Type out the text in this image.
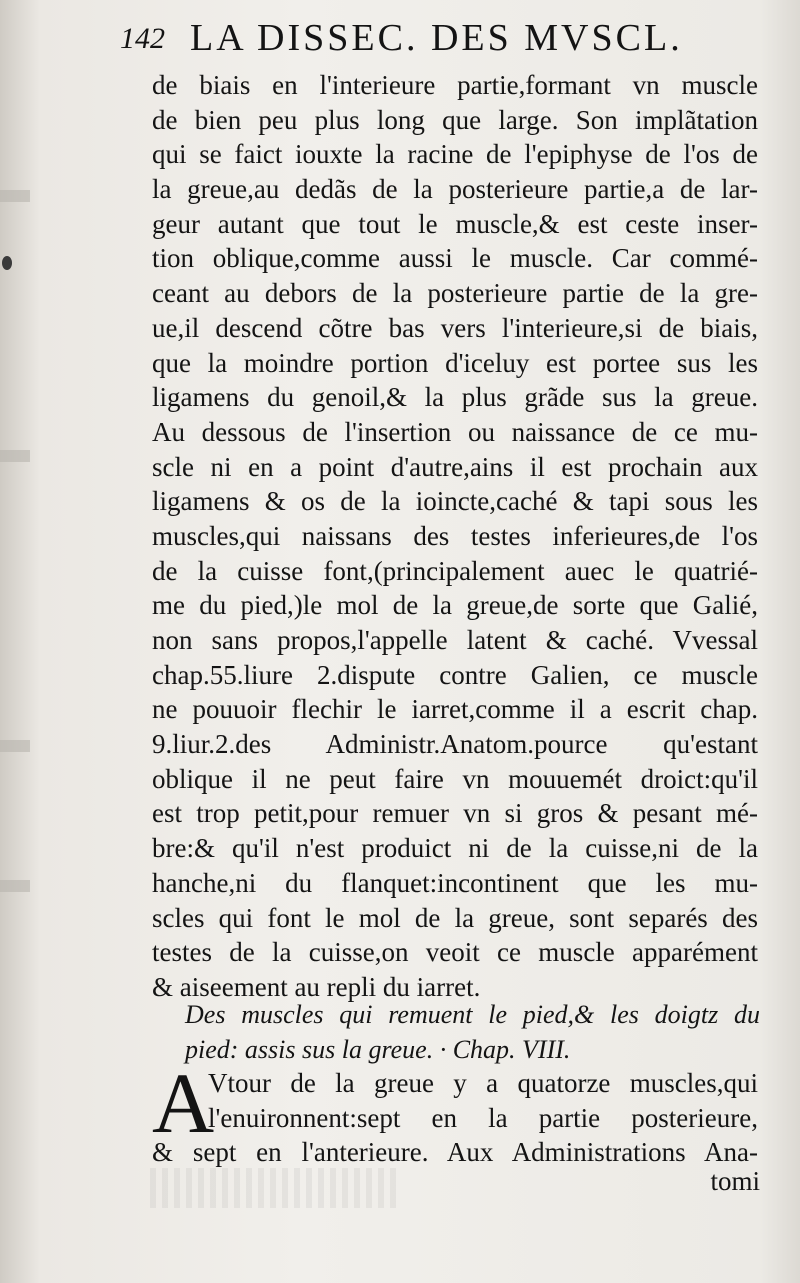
142 LA DISSEC. DES MVSCL.
de biais en l'interieure partie,formant vn muscle
de bien peu plus long que large. Son implãtation
qui se faict iouxte la racine de l'epiphyse de l'os de
la greue,au dedãs de la posterieure partie,a de lar-
geur autant que tout le muscle,& est ceste inser-
tion oblique,comme aussi le muscle. Car commé-
ceant au debors de la posterieure partie de la gre-
ue,il descend cõtre bas vers l'interieure,si de biais,
que la moindre portion d'iceluy est portee sus les
ligamens du genoil,& la plus grãde sus la greue.
Au dessous de l'insertion ou naissance de ce mu-
scle ni en a point d'autre,ains il est prochain aux
ligamens & os de la ioincte,caché & tapi sous les
muscles,qui naissans des testes inferieures,de l'os
de la cuisse font,(principalement auec le quatrié-
me du pied,)le mol de la greue,de sorte que Galié,
non sans propos,l'appelle latent & caché. Vvessal
chap.55.liure 2.dispute contre Galien, ce muscle
ne pouuoir flechir le iarret,comme il a escrit chap.
9.liur.2.des Administr.Anatom.pource qu'estant
oblique il ne peut faire vn mouuemét droict:qu'il
est trop petit,pour remuer vn si gros & pesant mé-
bre:& qu'il n'est produict ni de la cuisse,ni de la
hanche,ni du flanquet:incontinent que les mu-
scles qui font le mol de la greue, sont separés des
testes de la cuisse,on veoit ce muscle apparément
& aiseement au repli du iarret.
Des muscles qui remuent le pied,& les doigtz du
pied: assis sus la greue. · Chap. VIII.
A
Vtour de la greue y a quatorze muscles,qui
l'enuironnent:sept en la partie posterieure,
& sept en l'anterieure. Aux Administrations Ana-
tomi
